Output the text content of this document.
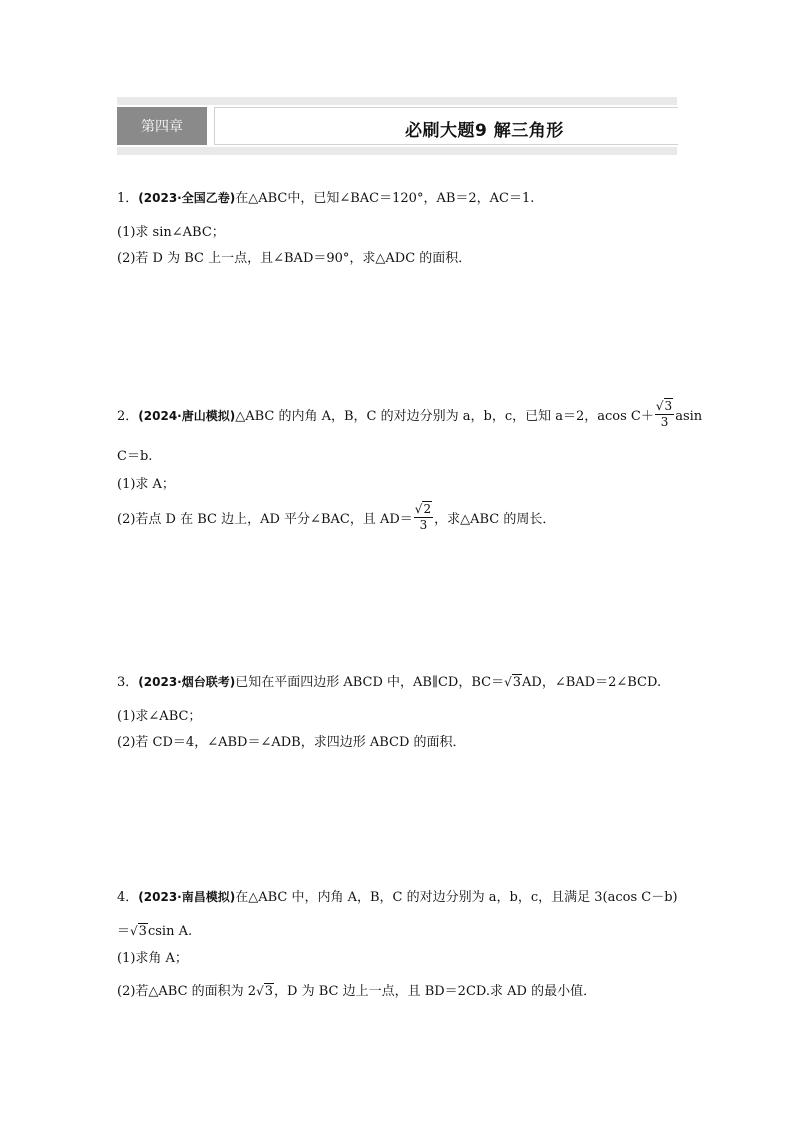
第四章	必刷大题9 解三角形
1．(2023·全国乙卷)在△ABC中，已知∠BAC＝120°，AB＝2，AC＝1.
(1)求 sin∠ABC；
(2)若 D 为 BC 上一点，且∠BAD＝90°，求△ADC 的面积．
2．(2024·唐山模拟)△ABC 的内角 A，B，C 的对边分别为 a，b，c，已知 a＝2，acos $C+ \frac{√3}{3}$ asin
C＝b.
(1)求 A；
(2)若点 D 在 BC 边上，AD 平分∠BAC，且 $AD= \frac{√2}{3}$ ，求△ABC 的周长．
3．(2023·烟台联考)已知在平面四边形 ABCD 中，AB∥CD，BC＝√3AD，∠BAD＝2∠BCD.
(1)求∠ABC；
(2)若 CD＝4，∠ABD＝∠ADB，求四边形 ABCD 的面积．
4．(2023·南昌模拟)在△ABC 中，内角 A，B，C 的对边分别为 a，b，c，且满足 3(acos C－b)
＝√3csin A.
(1)求角 A；
(2)若△ABC 的面积为 2√3，D 为 BC 边上一点，且 BD＝2CD.求 AD 的最小值．
